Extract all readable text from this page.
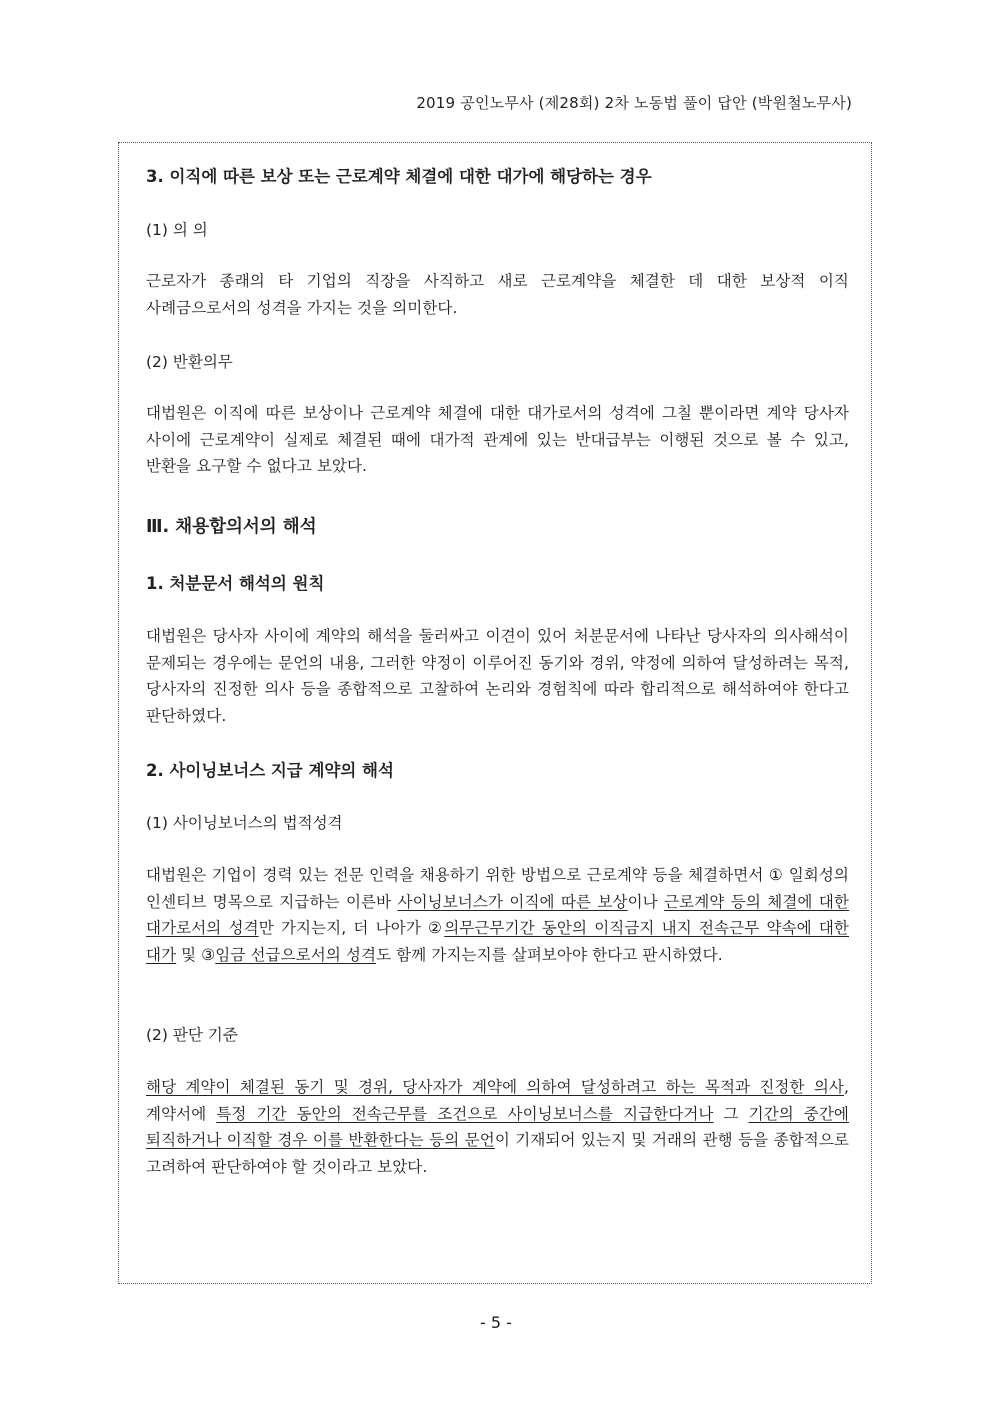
2019 공인노무사 (제28회) 2차 노동법 풀이 답안 (박원철노무사)
3. 이직에 따른 보상 또는 근로계약 체결에 대한 대가에 해당하는 경우
(1) 의 의
근로자가 종래의 타 기업의 직장을 사직하고 새로 근로계약을 체결한 데 대한 보상적 이직 사례금으로서의 성격을 가지는 것을 의미한다.
(2) 반환의무
대법원은 이직에 따른 보상이나 근로계약 체결에 대한 대가로서의 성격에 그칠 뿐이라면 계약 당사자 사이에 근로계약이 실제로 체결된 때에 대가적 관계에 있는 반대급부는 이행된 것으로 볼 수 있고, 반환을 요구할 수 없다고 보았다.
Ⅲ. 채용합의서의 해석
1. 처분문서 해석의 원칙
대법원은 당사자 사이에 계약의 해석을 둘러싸고 이견이 있어 처분문서에 나타난 당사자의 의사해석이 문제되는 경우에는 문언의 내용, 그러한 약정이 이루어진 동기와 경위, 약정에 의하여 달성하려는 목적, 당사자의 진정한 의사 등을 종합적으로 고찰하여 논리와 경험칙에 따라 합리적으로 해석하여야 한다고 판단하였다.
2. 사이닝보너스 지급 계약의 해석
(1) 사이닝보너스의 법적성격
대법원은 기업이 경력 있는 전문 인력을 채용하기 위한 방법으로 근로계약 등을 체결하면서 ① 일회성의 인센티브 명목으로 지급하는 이른바 사이닝보너스가 이직에 따른 보상이나 근로계약 등의 체결에 대한 대가로서의 성격만 가지는지, 더 나아가 ②의무근무기간 동안의 이직금지 내지 전속근무 약속에 대한 대가 및 ③임금 선급으로서의 성격도 함께 가지는지를 살펴보아야 한다고 판시하였다.
(2) 판단 기준
해당 계약이 체결된 동기 및 경위, 당사자가 계약에 의하여 달성하려고 하는 목적과 진정한 의사, 계약서에 특정 기간 동안의 전속근무를 조건으로 사이닝보너스를 지급한다거나 그 기간의 중간에 퇴직하거나 이직할 경우 이를 반환한다는 등의 문언이 기재되어 있는지 및 거래의 관행 등을 종합적으로 고려하여 판단하여야 할 것이라고 보았다.
- 5 -
